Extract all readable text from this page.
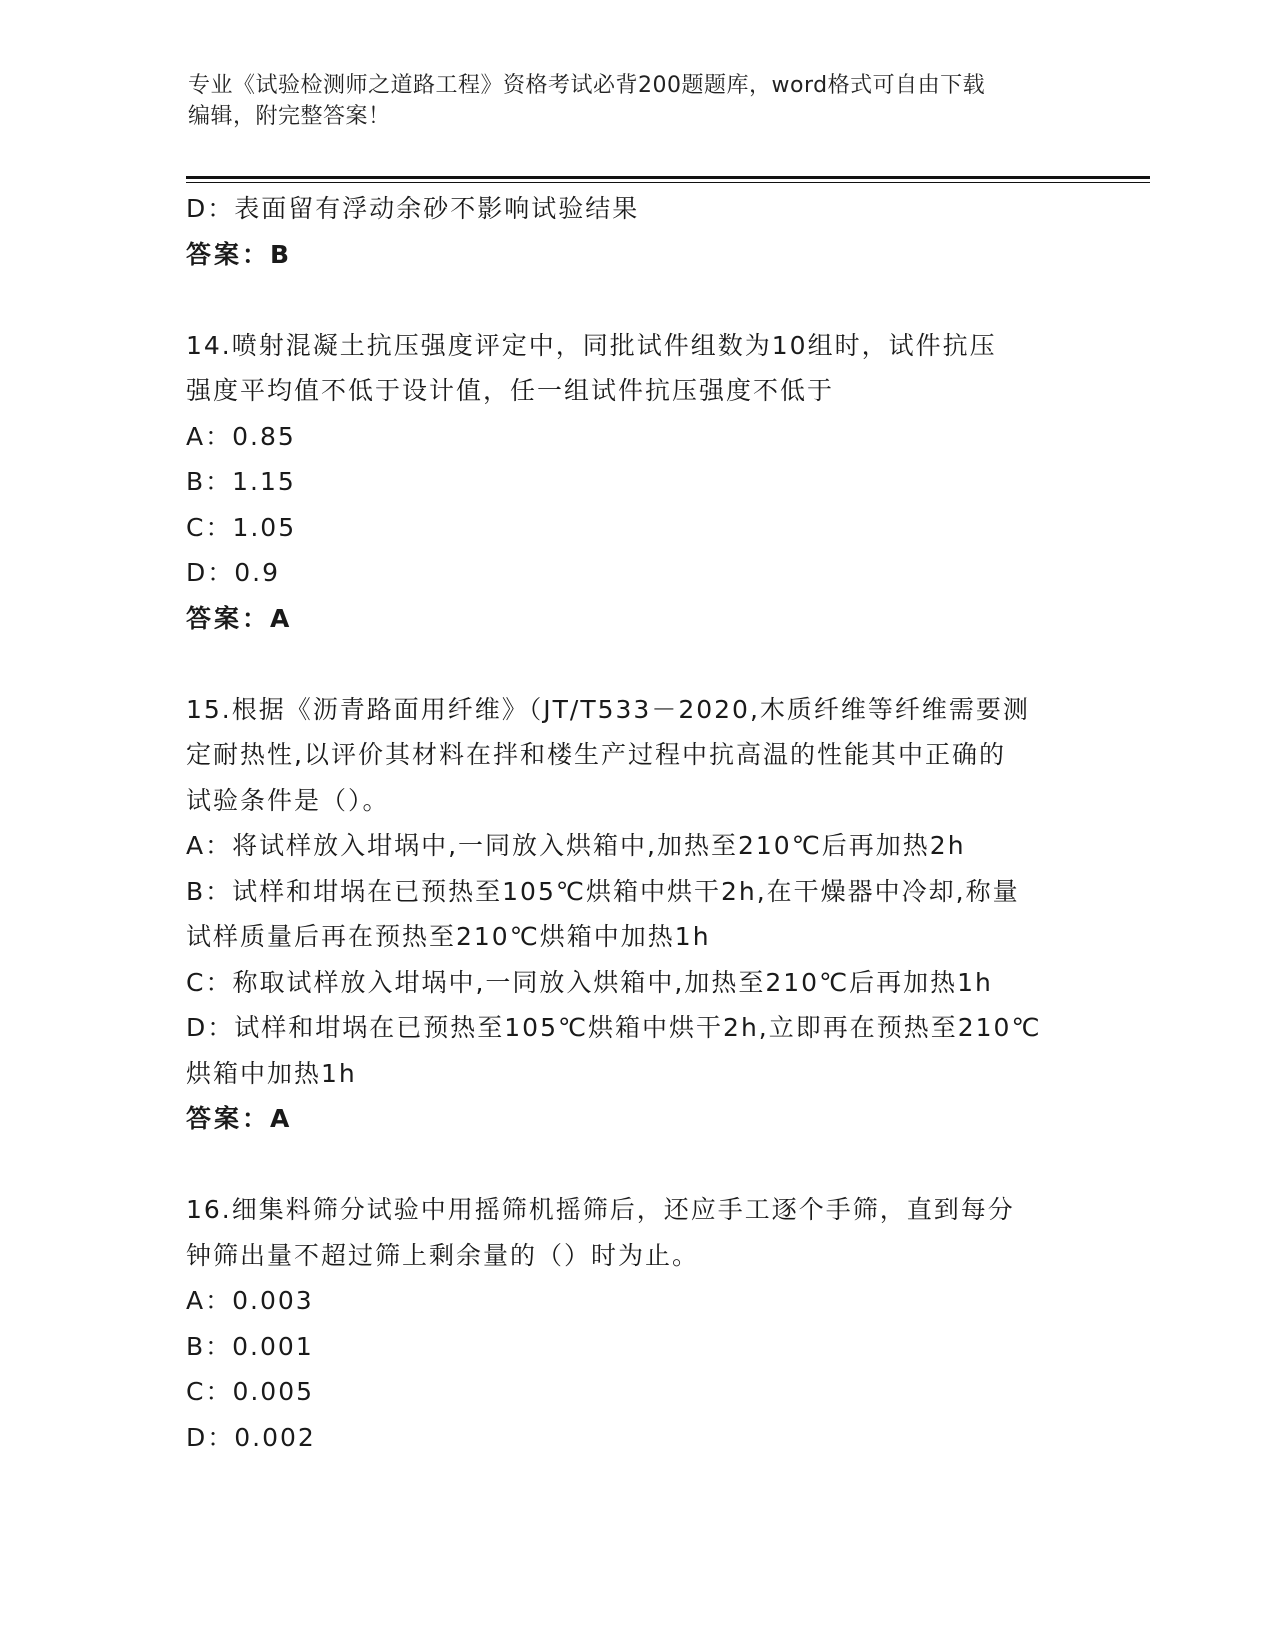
专业《试验检测师之道路工程》资格考试必背200题题库，word格式可自由下载
编辑，附完整答案！

D：表面留有浮动余砂不影响试验结果

答案：B

14.喷射混凝土抗压强度评定中，同批试件组数为10组时，试件抗压

强度平均值不低于设计值，任一组试件抗压强度不低于

A：0.85

B：1.15

C：1.05

D：0.9

答案：A

15.根据《沥青路面用纤维》（JT/T533－2020,木质纤维等纤维需要测

定耐热性,以评价其材料在拌和楼生产过程中抗高温的性能其中正确的

试验条件是（）。

A：将试样放入坩埚中,一同放入烘箱中,加热至210℃后再加热2h

B：试样和坩埚在已预热至105℃烘箱中烘干2h,在干燥器中冷却,称量

试样质量后再在预热至210℃烘箱中加热1h

C：称取试样放入坩埚中,一同放入烘箱中,加热至210℃后再加热1h

D：试样和坩埚在已预热至105℃烘箱中烘干2h,立即再在预热至210℃

烘箱中加热1h

答案：A

16.细集料筛分试验中用摇筛机摇筛后，还应手工逐个手筛，直到每分

钟筛出量不超过筛上剩余量的（）时为止。

A：0.003

B：0.001

C：0.005

D：0.002
